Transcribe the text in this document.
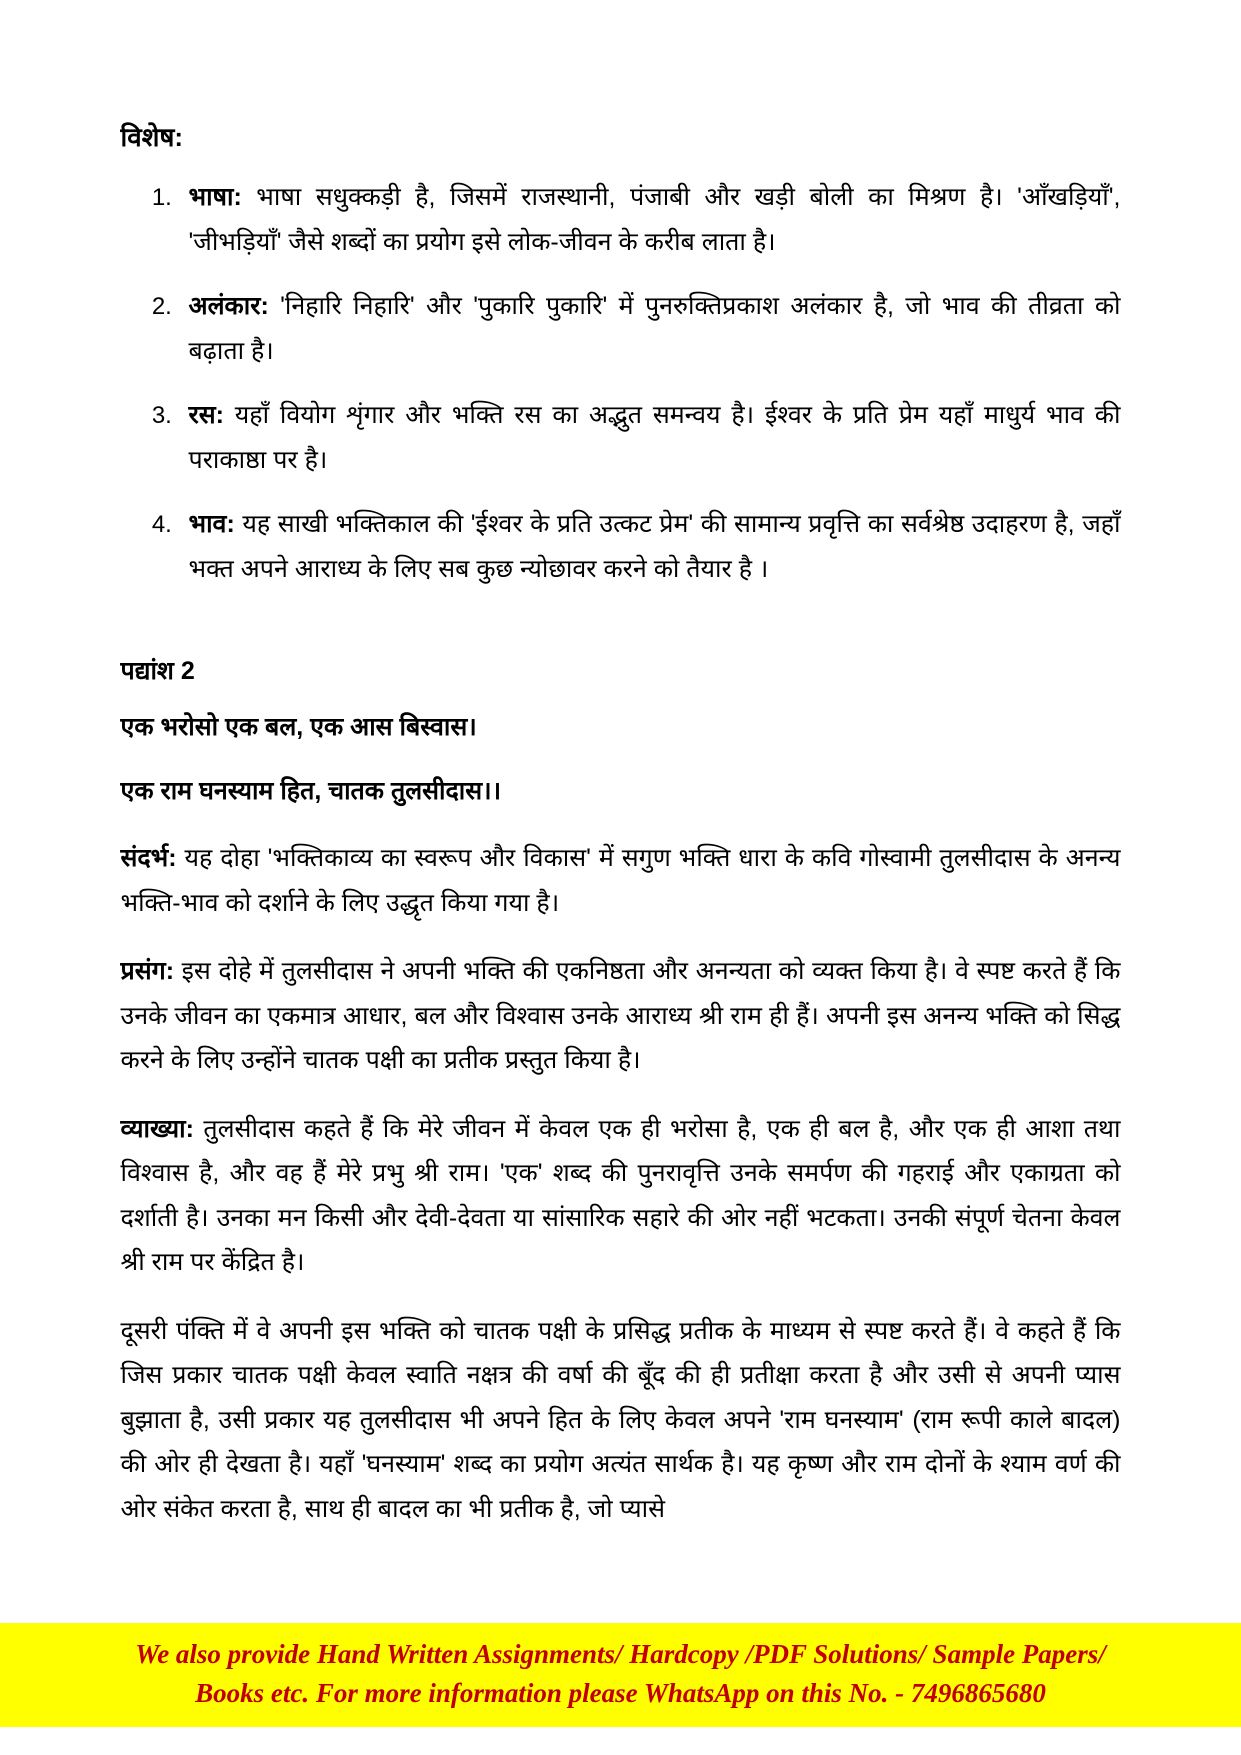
विशेष:
1. भाषा: भाषा सधुक्कड़ी है, जिसमें राजस्थानी, पंजाबी और खड़ी बोली का मिश्रण है। 'आँखड़ियाँ', 'जीभड़ियाँ' जैसे शब्दों का प्रयोग इसे लोक-जीवन के करीब लाता है।
2. अलंकार: 'निहारि निहारि' और 'पुकारि पुकारि' में पुनरुक्तिप्रकाश अलंकार है, जो भाव की तीव्रता को बढ़ाता है।
3. रस: यहाँ वियोग शृंगार और भक्ति रस का अद्भुत समन्वय है। ईश्वर के प्रति प्रेम यहाँ माधुर्य भाव की पराकाष्ठा पर है।
4. भाव: यह साखी भक्तिकाल की 'ईश्वर के प्रति उत्कट प्रेम' की सामान्य प्रवृत्ति का सर्वश्रेष्ठ उदाहरण है, जहाँ भक्त अपने आराध्य के लिए सब कुछ न्योछावर करने को तैयार है ।
पद्यांश 2
एक भरोसो एक बल, एक आस बिस्वास।
एक राम घनस्याम हित, चातक तुलसीदास।।

संदर्भ: यह दोहा 'भक्तिकाव्य का स्वरूप और विकास' में सगुण भक्ति धारा के कवि गोस्वामी तुलसीदास के अनन्य भक्ति-भाव को दर्शाने के लिए उद्धृत किया गया है।

प्रसंग: इस दोहे में तुलसीदास ने अपनी भक्ति की एकनिष्ठता और अनन्यता को व्यक्त किया है। वे स्पष्ट करते हैं कि उनके जीवन का एकमात्र आधार, बल और विश्वास उनके आराध्य श्री राम ही हैं। अपनी इस अनन्य भक्ति को सिद्ध करने के लिए उन्होंने चातक पक्षी का प्रतीक प्रस्तुत किया है।

व्याख्या: तुलसीदास कहते हैं कि मेरे जीवन में केवल एक ही भरोसा है, एक ही बल है, और एक ही आशा तथा विश्वास है, और वह हैं मेरे प्रभु श्री राम। 'एक' शब्द की पुनरावृत्ति उनके समर्पण की गहराई और एकाग्रता को दर्शाती है। उनका मन किसी और देवी-देवता या सांसारिक सहारे की ओर नहीं भटकता। उनकी संपूर्ण चेतना केवल श्री राम पर केंद्रित है।

दूसरी पंक्ति में वे अपनी इस भक्ति को चातक पक्षी के प्रसिद्ध प्रतीक के माध्यम से स्पष्ट करते हैं। वे कहते हैं कि जिस प्रकार चातक पक्षी केवल स्वाति नक्षत्र की वर्षा की बूँद की ही प्रतीक्षा करता है और उसी से अपनी प्यास बुझाता है, उसी प्रकार यह तुलसीदास भी अपने हित के लिए केवल अपने 'राम घनस्याम' (राम रूपी काले बादल) की ओर ही देखता है। यहाँ 'घनस्याम' शब्द का प्रयोग अत्यंत सार्थक है। यह कृष्ण और राम दोनों के श्याम वर्ण की ओर संकेत करता है, साथ ही बादल का भी प्रतीक है, जो प्यासे

We also provide Hand Written Assignments/ Hardcopy /PDF Solutions/ Sample Papers/
Books etc. For more information please WhatsApp on this No. - 7496865680
